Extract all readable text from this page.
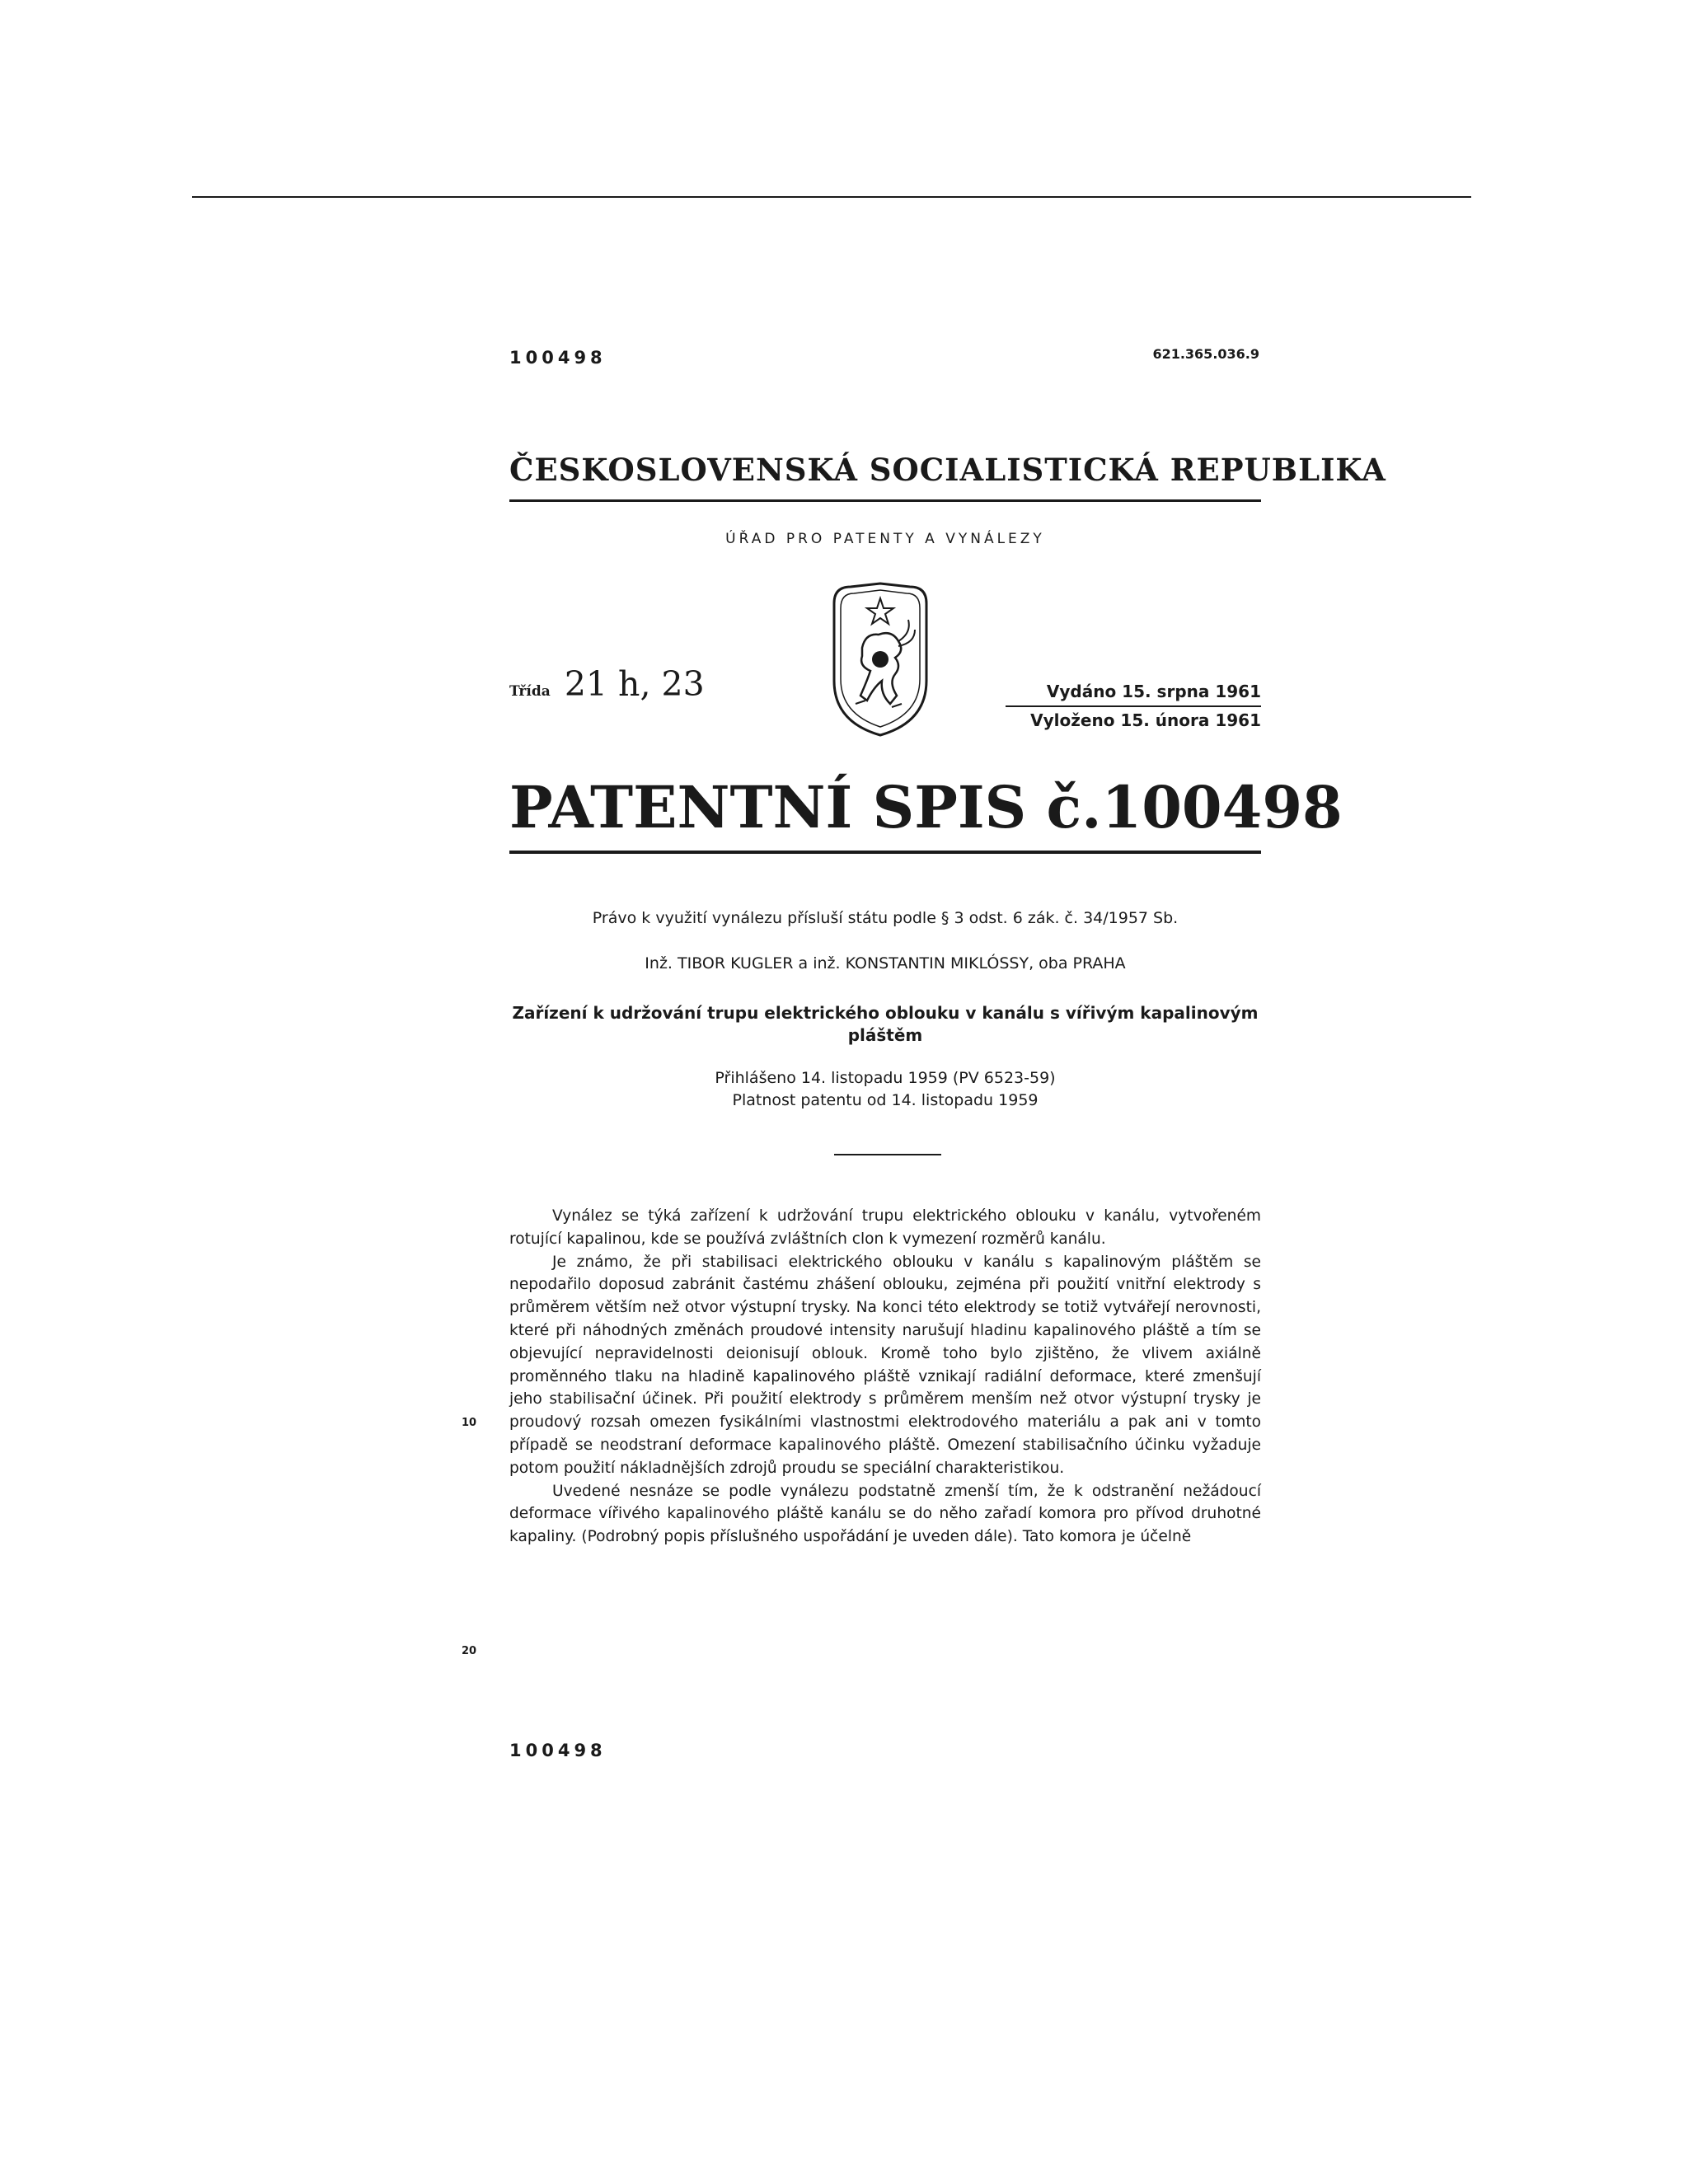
100498	621.365.036.9
ČESKOSLOVENSKÁ SOCIALISTICKÁ REPUBLIKA
ÚŘAD PRO PATENTY A VYNÁLEZY
Třída 21 h, 23	Vydáno 15. srpna 1961
Vyloženo 15. února 1961
PATENTNÍ SPIS č. 100498
Právo k využití vynálezu přísluší státu podle § 3 odst. 6 zák. č. 34/1957 Sb.
Inž. TIBOR KUGLER a inž. KONSTANTIN MIKLÓSSY, oba PRAHA
Zařízení k udržování trupu elektrického oblouku v kanálu s vířivým kapalinovým pláštěm
Přihlášeno 14. listopadu 1959 (PV 6523-59)
Platnost patentu od 14. listopadu 1959

Vynález se týká zařízení k udržování trupu elektrického oblouku v kanálu, vytvořeném rotující kapalinou, kde se používá zvláštních clon k vymezení rozměrů kanálu.

Je známo, že při stabilisaci elektrického oblouku v kanálu s kapalinovým pláštěm se nepodařilo doposud zabránit častému zhášení oblouku, zejména při použití vnitřní elektrody s průměrem větším než otvor výstupní trysky. Na konci této elektrody se totiž vytvářejí nerovnosti, které při náhodných změnách proudové intensity narušují hladinu kapalinového pláště a tím se objevující nepravidelnosti deionisují oblouk. Kromě toho bylo zjištěno, že vlivem axiálně proměnného tlaku na hladině kapalinového pláště vznikají radiální deformace, které zmenšují jeho stabilisační účinek. Při použití elektrody s průměrem menším než otvor výstupní trysky je proudový rozsah omezen fysikálními vlastnostmi elektrodového materiálu a pak ani v tomto případě se neodstraní deformace kapalinového pláště. Omezení stabilisačního účinku vyžaduje potom použití nákladnějších zdrojů proudu se speciální charakteristikou.

Uvedené nesnáze se podle vynálezu podstatně zmenší tím, že k odstranění nežádoucí deformace vířivého kapalinového pláště kanálu se do něho zařadí komora pro přívod druhotné kapaliny. (Podrobný popis příslušného uspořádání je uveden dále). Tato komora je účelně

10
20
100498
